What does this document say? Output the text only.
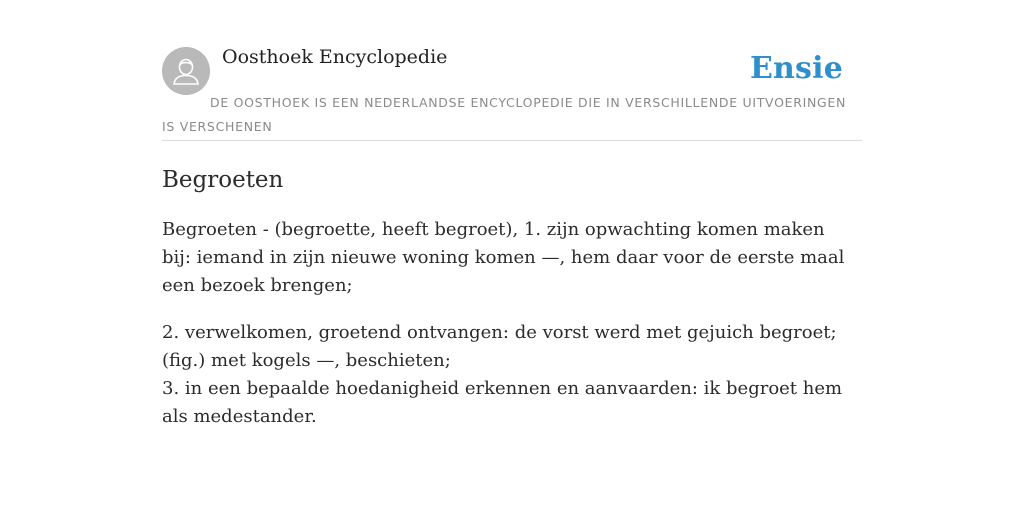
Oosthoek Encyclopedie	Ensie
DE OOSTHOEK IS EEN NEDERLANDSE ENCYCLOPEDIE DIE IN VERSCHILLENDE UITVOERINGEN IS VERSCHENEN
Begroeten

Begroeten - (begroette, heeft begroet), 1. zijn opwachting komen maken bij: iemand in zijn nieuwe woning komen —, hem daar voor de eerste maal een bezoek brengen;

2. verwelkomen, groetend ontvangen: de vorst werd met gejuich begroet; (fig.) met kogels —, beschieten;
3. in een bepaalde hoedanigheid erkennen en aanvaarden: ik begroet hem als medestander.
